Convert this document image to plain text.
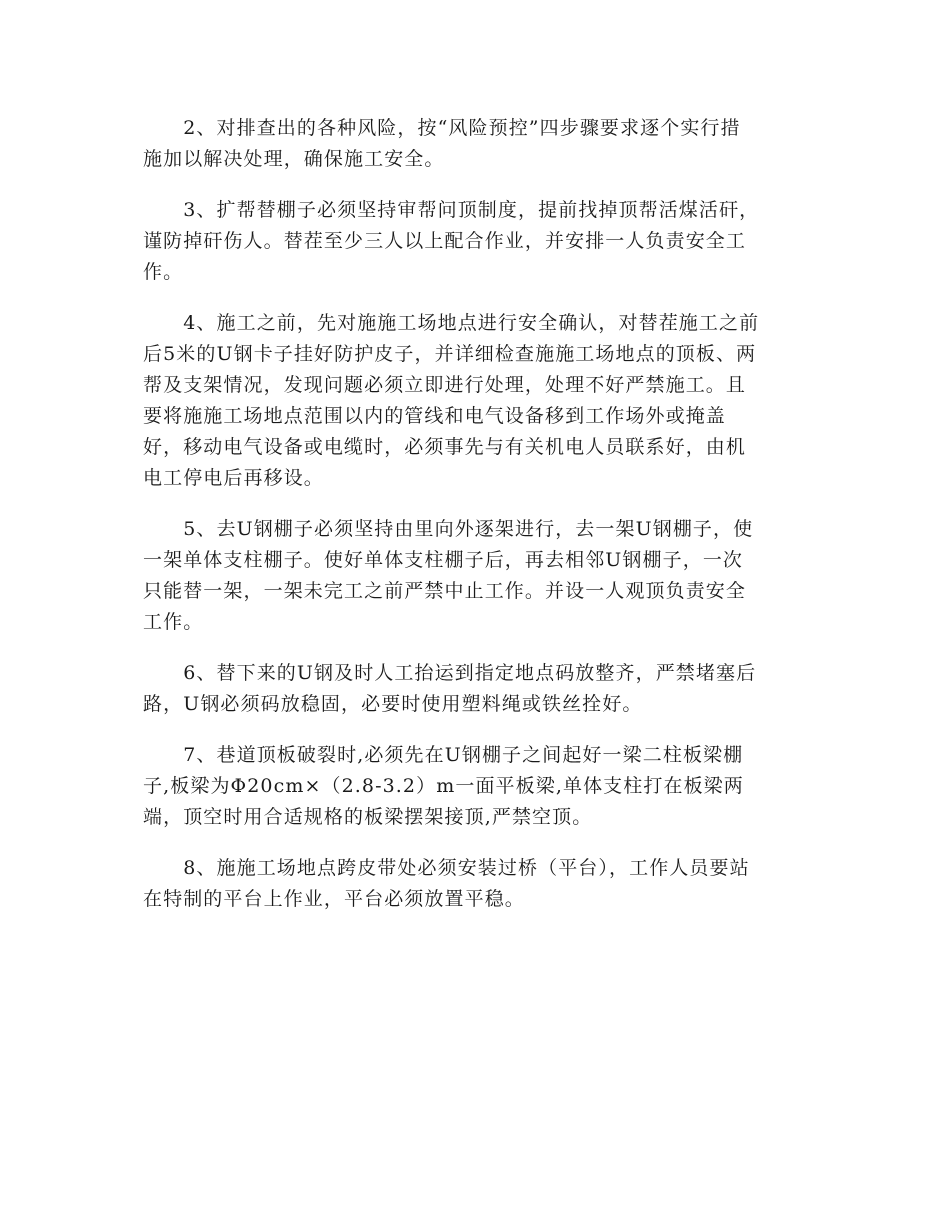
　　2、对排查出的各种风险，按“风险预控”四步骤要求逐个实行措
施加以解决处理，确保施工安全。

　　3、扩帮替棚子必须坚持审帮问顶制度，提前找掉顶帮活煤活矸，
谨防掉矸伤人。替茬至少三人以上配合作业，并安排一人负责安全工
作。

　　4、施工之前，先对施施工场地点进行安全确认，对替茬施工之前
后5米的U钢卡子挂好防护皮子，并详细检查施施工场地点的顶板、两
帮及支架情况，发现问题必须立即进行处理，处理不好严禁施工。且
要将施施工场地点范围以内的管线和电气设备移到工作场外或掩盖
好，移动电气设备或电缆时，必须事先与有关机电人员联系好，由机
电工停电后再移设。

　　5、去U钢棚子必须坚持由里向外逐架进行，去一架U钢棚子，使
一架单体支柱棚子。使好单体支柱棚子后，再去相邻U钢棚子，一次
只能替一架，一架未完工之前严禁中止工作。并设一人观顶负责安全
工作。

　　6、替下来的U钢及时人工抬运到指定地点码放整齐，严禁堵塞后
路，U钢必须码放稳固，必要时使用塑料绳或铁丝拴好。

　　7、巷道顶板破裂时,必须先在U钢棚子之间起好一梁二柱板梁棚
子,板梁为Φ20cm×（2.8-3.2）m一面平板梁,单体支柱打在板梁两
端，顶空时用合适规格的板梁摆架接顶,严禁空顶。

　　8、施施工场地点跨皮带处必须安装过桥（平台），工作人员要站
在特制的平台上作业，平台必须放置平稳。
